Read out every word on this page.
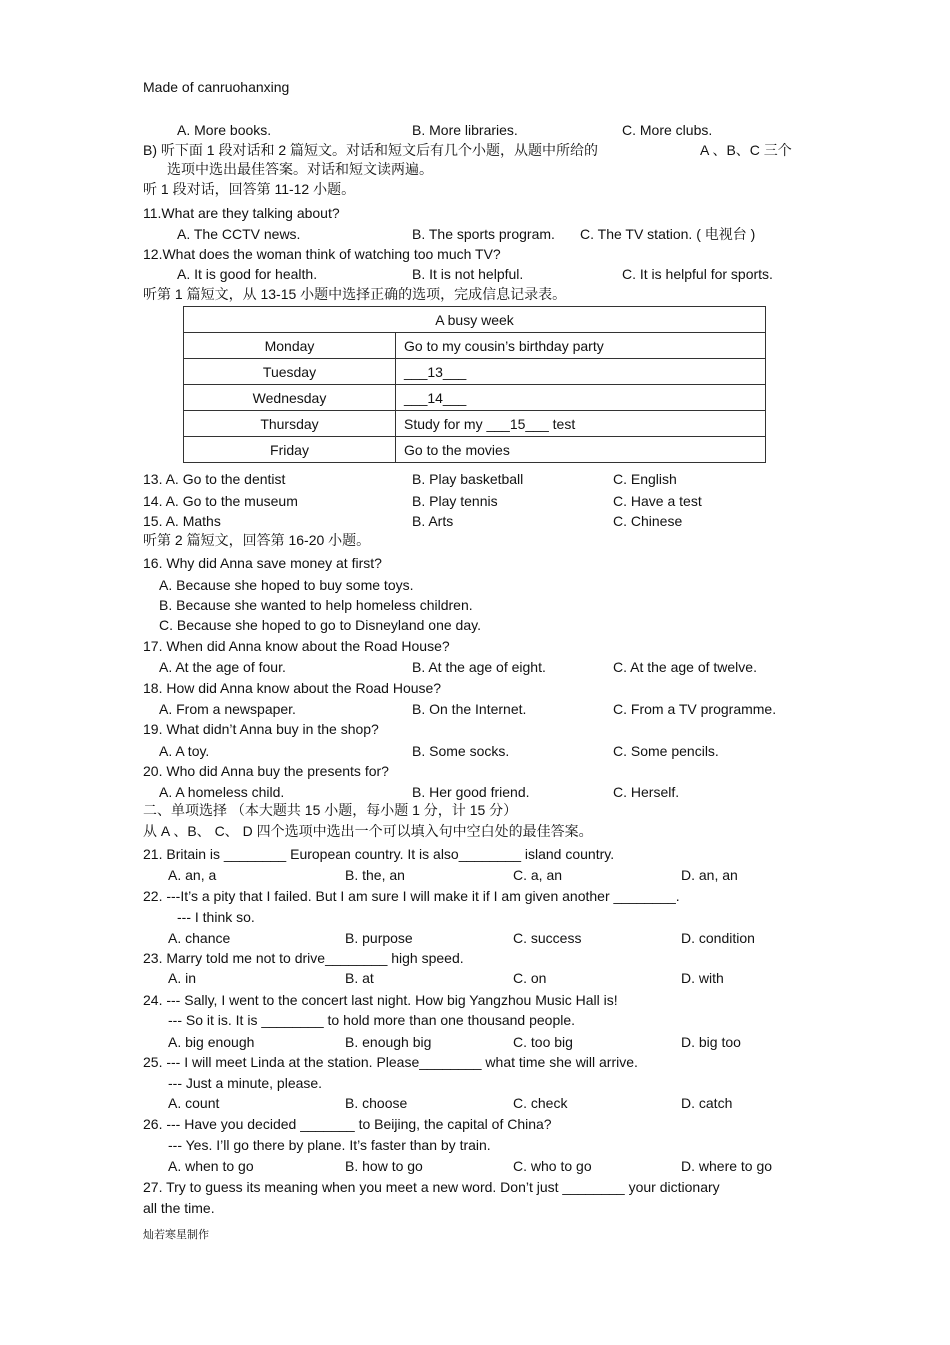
Made of canruohanxing
A. More books.	B. More libraries.	C. More clubs.
B) 听下面 1 段对话和 2 篇短文。对话和短文后有几个小题，从题中所给的	A 、B、C 三个
选项中选出最佳答案。对话和短文读两遍。
听 1 段对话，回答第 11-12 小题。
11.What are they talking about?
A. The CCTV news.	B. The sports program. C. The TV station. ( 电视台 )
12.What does the woman think of watching too much TV?
A. It is good for health.	B. It is not helpful.	C. It is helpful for sports.
听第 1 篇短文，从 13-15 小题中选择正确的选项，完成信息记录表。
A busy week	
Monday	Go to my cousin’s birthday party
Tuesday	___13___
Wednesday	___14___
Thursday	Study for my ___15___ test
Friday	Go to the movies
13. A. Go to the dentist	B. Play basketball	C. English
14. A. Go to the museum	B. Play tennis	C. Have a test
15. A. Maths	B. Arts	C. Chinese
听第 2 篇短文，回答第 16-20 小题。
16. Why did Anna save money at first?
A. Because she hoped to buy some toys.
B. Because she wanted to help homeless children.
C. Because she hoped to go to Disneyland one day.
17. When did Anna know about the Road House?
A. At the age of four.	B. At the age of eight.	C. At the age of twelve.
18. How did Anna know about the Road House?
A. From a newspaper.	B. On the Internet.	C. From a TV programme.
19. What didn’t Anna buy in the shop?
A. A toy.	B. Some socks.	C. Some pencils.
20. Who did Anna buy the presents for?
A. A homeless child.	B. Her good friend.	C. Herself.
二、单项选择 （本大题共 15 小题，每小题 1 分，计 15 分）
从 A 、B、 C、 D 四个选项中选出一个可以填入句中空白处的最佳答案。
21. Britain is ________ European country. It is also________ island country.
A. an, a	B. the, an	C. a, an	D. an, an
22. ---It’s a pity that I failed. But I am sure I will make it if I am given another ________.
--- I think so.
A. chance	B. purpose	C. success	D. condition
23. Marry told me not to drive________ high speed.
A. in	B. at	C. on	D. with
24. --- Sally, I went to the concert last night. How big Yangzhou Music Hall is!
--- So it is. It is ________ to hold more than one thousand people.
A. big enough	B. enough big	C. too big	D. big too
25. --- I will meet Linda at the station. Please________ what time she will arrive.
--- Just a minute, please.
A. count	B. choose	C. check	D. catch
26. --- Have you decided _______ to Beijing, the capital of China?
--- Yes. I’ll go there by plane. It’s faster than by train.
A. when to go	B. how to go	C. who to go	D. where to go
27. Try to guess its meaning when you meet a new word. Don’t just ________ your dictionary
all the time.
灿若寒星制作
